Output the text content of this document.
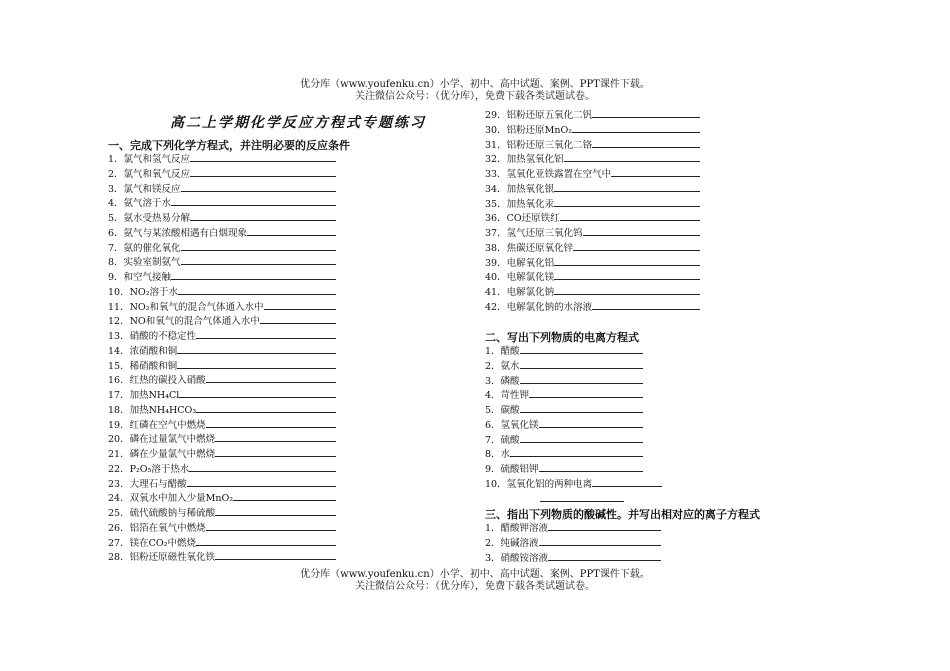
优分库（www.youfenku.cn）小学、初中、高中试题、案例、PPT课件下载。
关注微信公众号：（优分库），免费下载各类试题试卷。
高二上学期化学反应方程式专题练习
一、完成下列化学方程式，并注明必要的反应条件
1．氯气和氢气反应
2．氯气和氧气反应
3．氯气和镁反应
4．氨气溶于水
5．氨水受热易分解
6．氨气与某浓酸相遇有白烟现象
7．氨的催化氧化
8．实验室制氨气
9．和空气接触
10．NO₂溶于水
11．NO₂和氧气的混合气体通入水中
12．NO和氧气的混合气体通入水中
13．硝酸的不稳定性
14．浓硝酸和铜
15．稀硝酸和铜
16．红热的碳投入硝酸
17．加热NH₄Cl
18．加热NH₄HCO₃
19．红磷在空气中燃烧
20．磷在过量氯气中燃烧
21．磷在少量氯气中燃烧
22．P₂O₅溶于热水
23．大理石与醋酸
24．双氧水中加入少量MnO₂
25．硫代硫酸钠与稀硫酸
26．铝箔在氧气中燃烧
27．镁在CO₂中燃烧
28．铝粉还原磁性氧化铁
29．铝粉还原五氧化二钒
30．铝粉还原MnO₂
31．铝粉还原三氧化二铬
32．加热氢氧化铝
33．氢氧化亚铁露置在空气中
34．加热氧化银
35．加热氧化汞
36．CO还原铁红
37．氢气还原三氧化钨
38．焦碳还原氧化锌
39．电解氧化铝
40．电解氯化镁
41．电解氯化钠
42．电解氯化钠的水溶液
二、写出下列物质的电离方程式
1．醋酸
2．氨水
3．磷酸
4．苛性钾
5．碳酸
6．氢氧化镁
7．硫酸
8．水
9．硫酸铝钾
10．氢氧化铝的两种电离
三、指出下列物质的酸碱性。并写出相对应的离子方程式
1．醋酸钾溶液
2．纯碱溶液
3．硝酸铵溶液
优分库（www.youfenku.cn）小学、初中、高中试题、案例、PPT课件下载。
关注微信公众号：（优分库），免费下载各类试题试卷。
